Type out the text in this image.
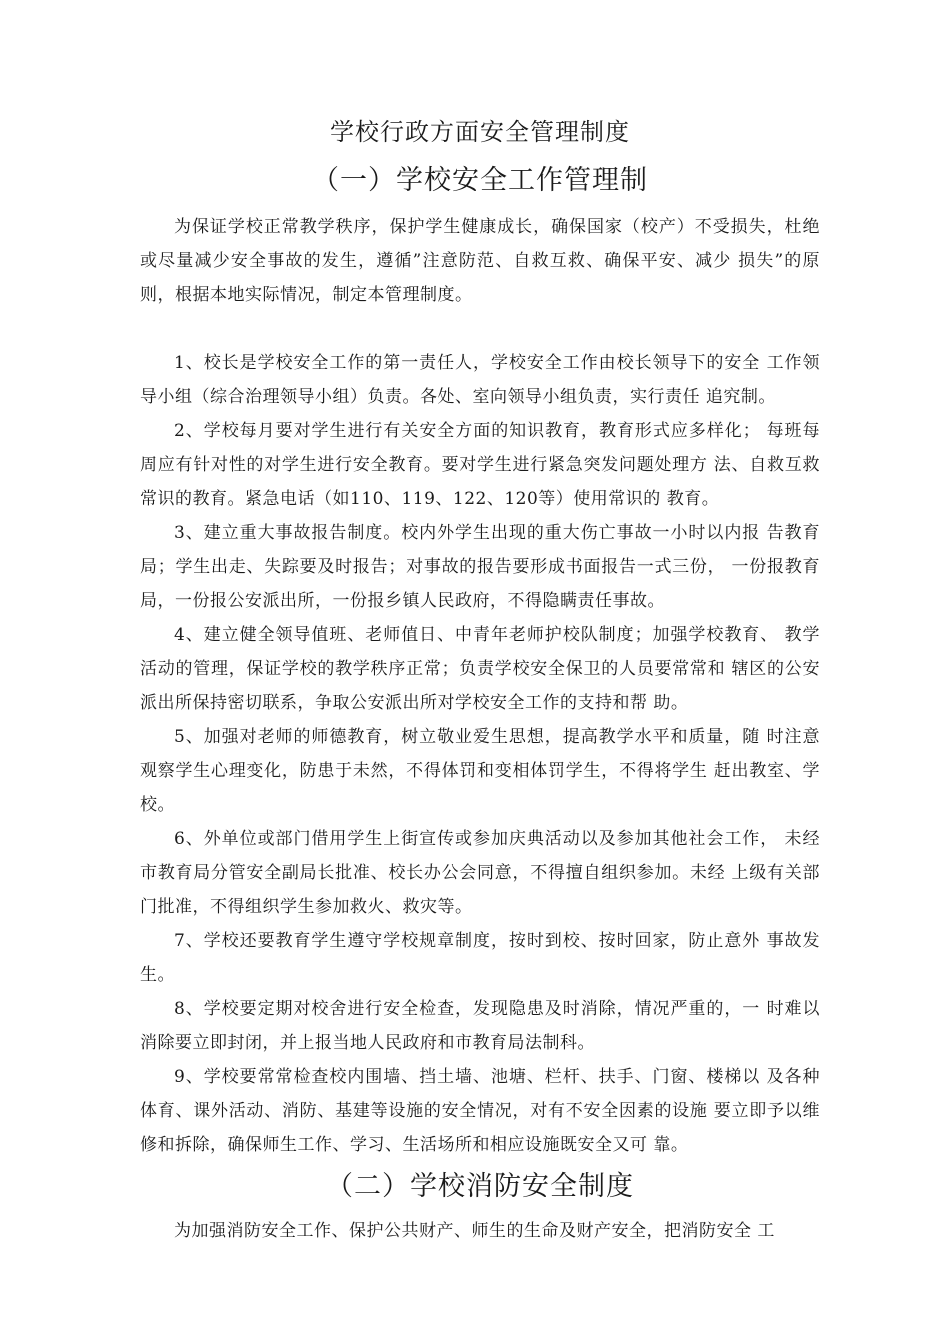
学校行政方面安全管理制度
（一）学校安全工作管理制

为保证学校正常教学秩序，保护学生健康成长，确保国家（校产）不受损失，杜绝或尽量减少安全事故的发生，遵循”注意防范、自救互救、确保平安、减少 损失”的原则，根据本地实际情况，制定本管理制度。

1、校长是学校安全工作的第一责任人，学校安全工作由校长领导下的安全 工作领导小组（综合治理领导小组）负责。各处、室向领导小组负责，实行责任 追究制。

2、学校每月要对学生进行有关安全方面的知识教育，教育形式应多样化； 每班每周应有针对性的对学生进行安全教育。要对学生进行紧急突发问题处理方 法、自救互救常识的教育。紧急电话（如110、119、122、120等）使用常识的 教育。

3、建立重大事故报告制度。校内外学生出现的重大伤亡事故一小时以内报 告教育局；学生出走、失踪要及时报告；对事故的报告要形成书面报告一式三份， 一份报教育局，一份报公安派出所，一份报乡镇人民政府，不得隐瞒责任事故。

4、建立健全领导值班、老师值日、中青年老师护校队制度；加强学校教育、 教学活动的管理，保证学校的教学秩序正常；负责学校安全保卫的人员要常常和 辖区的公安派出所保持密切联系，争取公安派出所对学校安全工作的支持和帮 助。

5、加强对老师的师德教育，树立敬业爱生思想，提高教学水平和质量，随 时注意观察学生心理变化，防患于未然，不得体罚和变相体罚学生，不得将学生 赶出教室、学校。

6、外单位或部门借用学生上街宣传或参加庆典活动以及参加其他社会工作， 未经市教育局分管安全副局长批准、校长办公会同意，不得擅自组织参加。未经 上级有关部门批准，不得组织学生参加救火、救灾等。

7、学校还要教育学生遵守学校规章制度，按时到校、按时回家，防止意外 事故发生。

8、学校要定期对校舍进行安全检查，发现隐患及时消除，情况严重的，一 时难以消除要立即封闭，并上报当地人民政府和市教育局法制科。

9、学校要常常检查校内围墙、挡土墙、池塘、栏杆、扶手、门窗、楼梯以 及各种体育、课外活动、消防、基建等设施的安全情况，对有不安全因素的设施 要立即予以维修和拆除，确保师生工作、学习、生活场所和相应设施既安全又可 靠。

（二）学校消防安全制度

为加强消防安全工作、保护公共财产、师生的生命及财产安全，把消防安全 工
